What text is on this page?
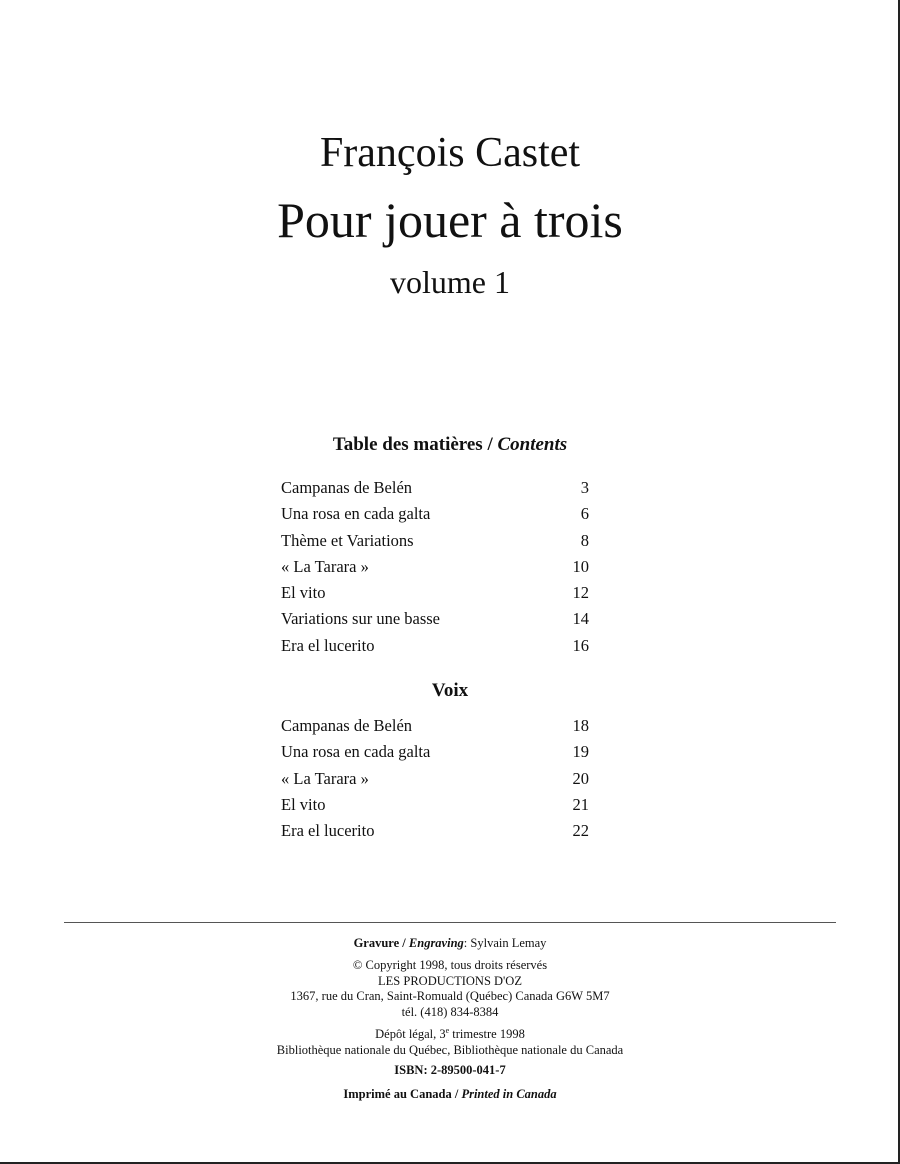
François Castet
Pour jouer à trois
volume 1
Table des matières / Contents
Campanas de Belén	3
Una rosa en cada galta	6
Thème et Variations	8
« La Tarara »	10
El vito	12
Variations sur une basse	14
Era el lucerito	16
Voix
Campanas de Belén	18
Una rosa en cada galta	19
« La Tarara »	20
El vito	21
Era el lucerito	22
Gravure / Engraving: Sylvain Lemay
© Copyright 1998, tous droits réservés
LES PRODUCTIONS D'OZ
1367, rue du Cran, Saint-Romuald (Québec) Canada G6W 5M7
tél. (418) 834-8384
Dépôt légal, 3e trimestre 1998
Bibliothèque nationale du Québec, Bibliothèque nationale du Canada
ISBN: 2-89500-041-7
Imprimé au Canada / Printed in Canada
